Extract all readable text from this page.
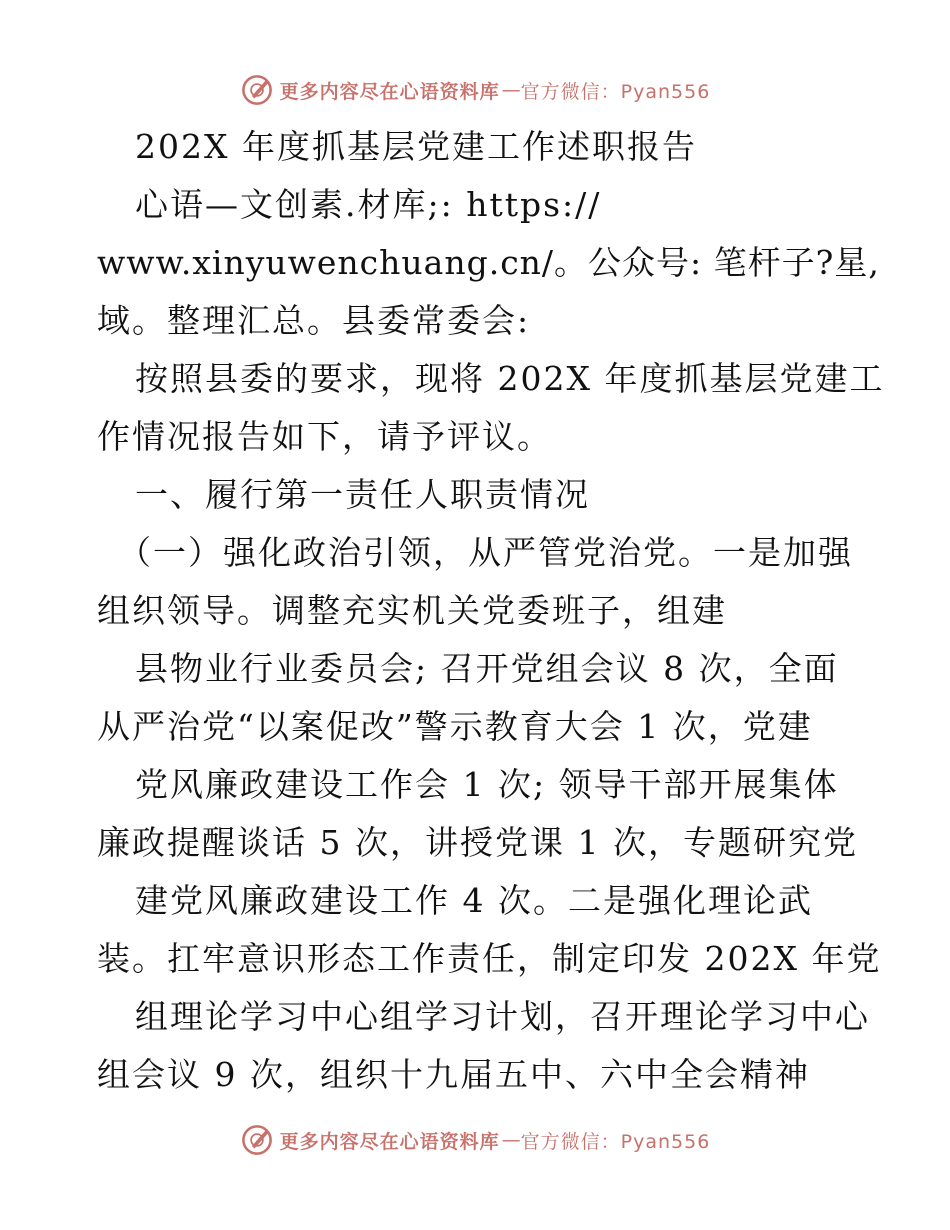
更多内容尽在心语资料库 — 官方微信：Pyan556

202X 年度抓基层党建工作述职报告

心语—文创素.材库;: https://

www.xinyuwenchuang.cn/。公众号: 笔杆子?星,

域。整理汇总。县委常委会:

按照县委的要求，现将 202X 年度抓基层党建工

作情况报告如下，请予评议。

一、履行第一责任人职责情况

（一）强化政治引领，从严管党治党。一是加强

组织领导。调整充实机关党委班子，组建

县物业行业委员会; 召开党组会议 8 次，全面

从严治党“以案促改”警示教育大会 1 次，党建

党风廉政建设工作会 1 次; 领导干部开展集体

廉政提醒谈话 5 次，讲授党课 1 次，专题研究党

建党风廉政建设工作 4 次。二是强化理论武

装。扛牢意识形态工作责任，制定印发 202X 年党

组理论学习中心组学习计划，召开理论学习中心

组会议 9 次，组织十九届五中、六中全会精神

更多内容尽在心语资料库 — 官方微信：Pyan556
